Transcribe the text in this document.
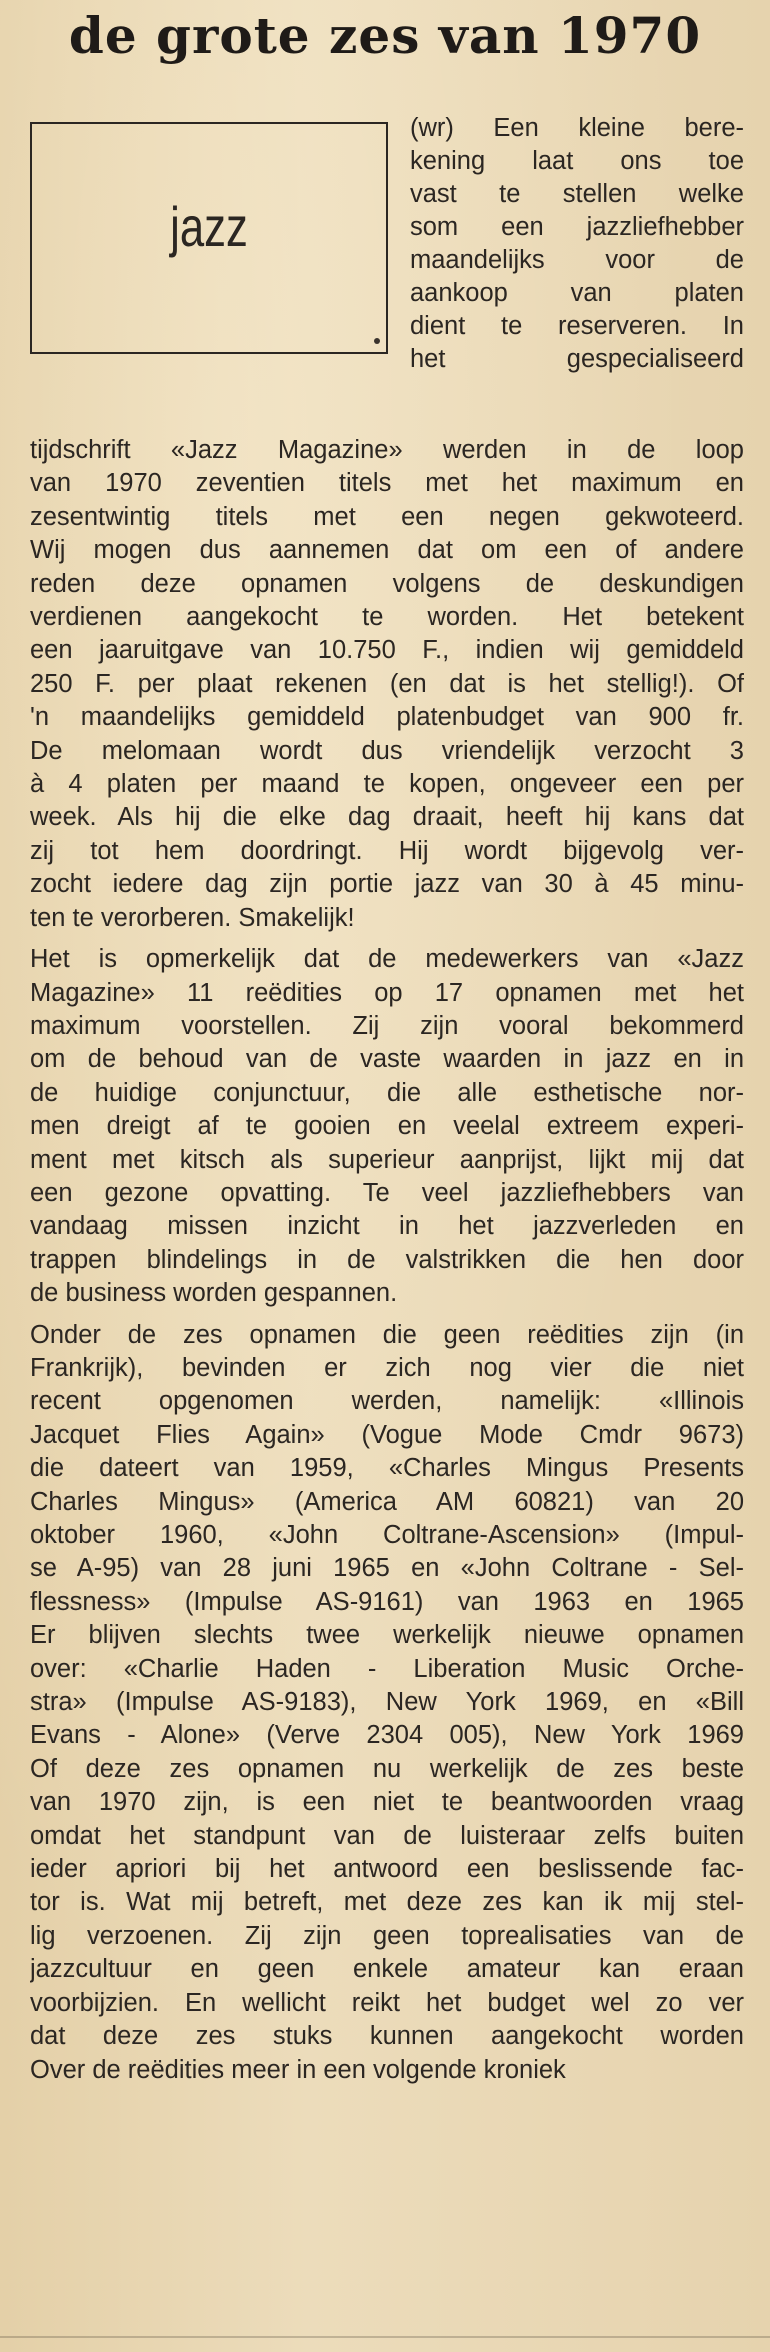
de grote zes van 1970
jazz
(wr) Een kleine bere-
kening laat ons toe
vast te stellen welke
som een jazzliefhebber
maandelijks voor de
aankoop van platen
dient te reserveren. In
het gespecialiseerd
tijdschrift «Jazz Magazine» werden in de loop
van 1970 zeventien titels met het maximum en
zesentwintig titels met een negen gekwoteerd.
Wij mogen dus aannemen dat om een of andere
reden deze opnamen volgens de deskundigen
verdienen aangekocht te worden. Het betekent
een jaaruitgave van 10.750 F., indien wij gemiddeld
250 F. per plaat rekenen (en dat is het stellig!). Of
'n maandelijks gemiddeld platenbudget van 900 fr.
De melomaan wordt dus vriendelijk verzocht 3
à 4 platen per maand te kopen, ongeveer een per
week. Als hij die elke dag draait, heeft hij kans dat
zij tot hem doordringt. Hij wordt bijgevolg ver-
zocht iedere dag zijn portie jazz van 30 à 45 minu-
ten te verorberen. Smakelijk!
Het is opmerkelijk dat de medewerkers van «Jazz
Magazine» 11 reëdities op 17 opnamen met het
maximum voorstellen. Zij zijn vooral bekommerd
om de behoud van de vaste waarden in jazz en in
de huidige conjunctuur, die alle esthetische nor-
men dreigt af te gooien en veelal extreem experi-
ment met kitsch als superieur aanprijst, lijkt mij dat
een gezone opvatting. Te veel jazzliefhebbers van
vandaag missen inzicht in het jazzverleden en
trappen blindelings in de valstrikken die hen door
de business worden gespannen.
Onder de zes opnamen die geen reëdities zijn (in
Frankrijk), bevinden er zich nog vier die niet
recent opgenomen werden, namelijk: «Illinois
Jacquet Flies Again» (Vogue Mode Cmdr 9673)
die dateert van 1959, «Charles Mingus Presents
Charles Mingus» (America AM 60821) van 20
oktober 1960, «John Coltrane-Ascension» (Impul-
se A-95) van 28 juni 1965 en «John Coltrane - Sel-
flessness» (Impulse AS-9161) van 1963 en 1965
Er blijven slechts twee werkelijk nieuwe opnamen
over: «Charlie Haden - Liberation Music Orche-
stra» (Impulse AS-9183), New York 1969, en «Bill
Evans - Alone» (Verve 2304 005), New York 1969
Of deze zes opnamen nu werkelijk de zes beste
van 1970 zijn, is een niet te beantwoorden vraag
omdat het standpunt van de luisteraar zelfs buiten
ieder apriori bij het antwoord een beslissende fac-
tor is. Wat mij betreft, met deze zes kan ik mij stel-
lig verzoenen. Zij zijn geen toprealisaties van de
jazzcultuur en geen enkele amateur kan eraan
voorbijzien. En wellicht reikt het budget wel zo ver
dat deze zes stuks kunnen aangekocht worden
Over de reëdities meer in een volgende kroniek
